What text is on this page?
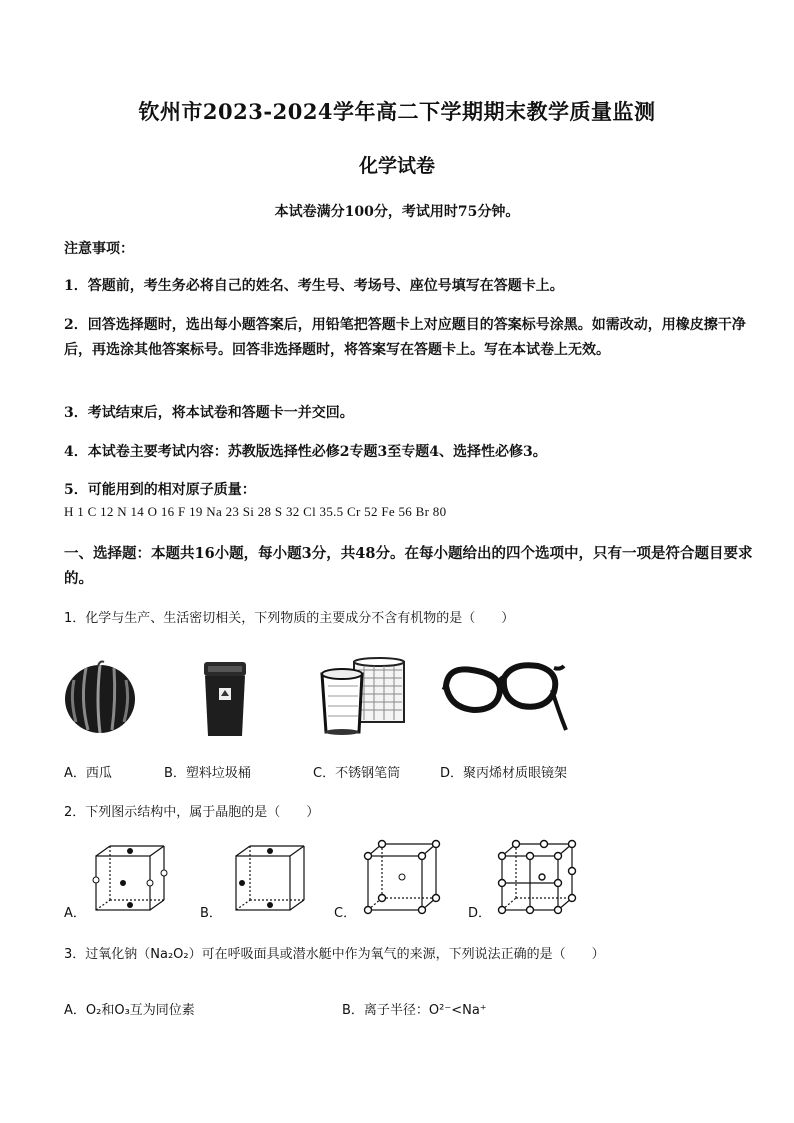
钦州市2023-2024学年高二下学期期末教学质量监测
化学试卷
本试卷满分100分，考试用时75分钟。
注意事项：
1．答题前，考生务必将自己的姓名、考生号、考场号、座位号填写在答题卡上。
2．回答选择题时，选出每小题答案后，用铅笔把答题卡上对应题目的答案标号涂黑。如需改动，用橡皮擦干净后，再选涂其他答案标号。回答非选择题时，将答案写在答题卡上。写在本试卷上无效。
3．考试结束后，将本试卷和答题卡一并交回。
4．本试卷主要考试内容：苏教版选择性必修2专题3至专题4、选择性必修3。
5．可能用到的相对原子质量：
H 1 C 12 N 14 O 16 F 19 Na 23 Si 28 S 32 Cl 35.5 Cr 52 Fe 56 Br 80
一、选择题：本题共16小题，每小题3分，共48分。在每小题给出的四个选项中，只有一项是符合题目要求的。
1．化学与生产、生活密切相关，下列物质的主要成分不含有机物的是（　　）
A．西瓜	B．塑料垃圾桶	C．不锈钢笔筒	D．聚丙烯材质眼镜架
2．下列图示结构中，属于晶胞的是（　　）
A．	B．	C．	D．
3．过氧化钠（Na₂O₂）可在呼吸面具或潜水艇中作为氧气的来源，下列说法正确的是（　　）
A．O₂和O₃互为同位素	B．离子半径：O²⁻<Na⁺
